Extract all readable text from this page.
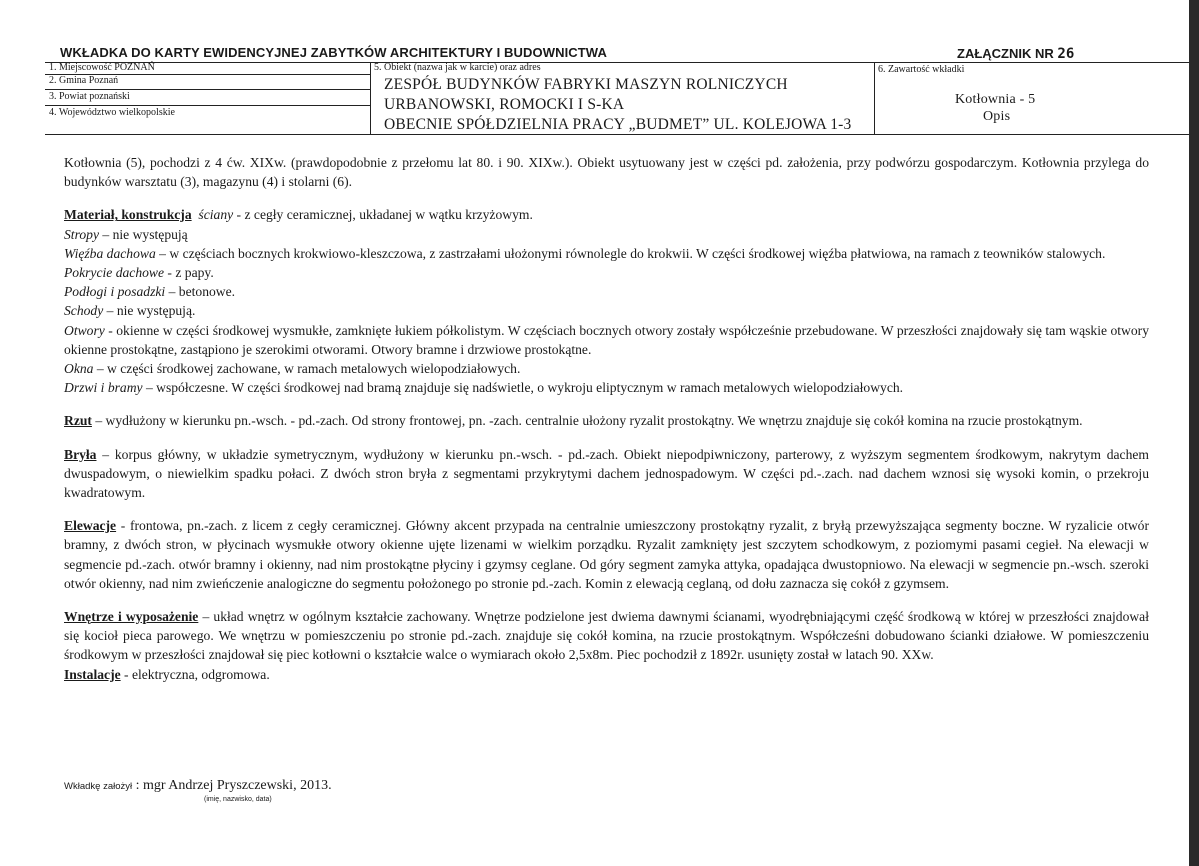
WKŁADKA DO KARTY EWIDENCYJNEJ ZABYTKÓW ARCHITEKTURY I BUDOWNICTWA	ZAŁĄCZNIK NR 26
1. Miejscowość POZNAŃ
2. Gmina Poznań
3. Powiat poznański
4. Województwo wielkopolskie
5. Obiekt (nazwa jak w karcie) oraz adres
ZESPÓŁ BUDYNKÓW FABRYKI MASZYN ROLNICZYCH
URBANOWSKI, ROMOCKI I S-KA
OBECNIE SPÓŁDZIELNIA PRACY „BUDMET” UL. KOLEJOWA 1-3
6. Zawartość wkładki
Kotłownia - 5
Opis

Kotłownia (5), pochodzi z 4 ćw. XIXw. (prawdopodobnie z przełomu lat 80. i 90. XIXw.). Obiekt usytuowany jest w części pd. założenia, przy podwórzu gospodarczym. Kotłownia przylega do budynków warsztatu (3), magazynu (4) i stolarni (6).

Materiał, konstrukcja ściany - z cegły ceramicznej, układanej w wątku krzyżowym.

Stropy – nie występują

Więźba dachowa – w częściach bocznych krokwiowo-kleszczowa, z zastrzałami ułożonymi równolegle do krokwii. W części środkowej więźba płatwiowa, na ramach z teowników stalowych.

Pokrycie dachowe - z papy.

Podłogi i posadzki – betonowe.

Schody – nie występują.

Otwory - okienne w części środkowej wysmukłe, zamknięte łukiem półkolistym. W częściach bocznych otwory zostały współcześnie przebudowane. W przeszłości znajdowały się tam wąskie otwory okienne prostokątne, zastąpiono je szerokimi otworami. Otwory bramne i drzwiowe prostokątne.

Okna – w części środkowej zachowane, w ramach metalowych wielopodziałowych.

Drzwi i bramy – współczesne. W części środkowej nad bramą znajduje się nadświetle, o wykroju eliptycznym w ramach metalowych wielopodziałowych.

Rzut – wydłużony w kierunku pn.-wsch. - pd.-zach. Od strony frontowej, pn. -zach. centralnie ułożony ryzalit prostokątny. We wnętrzu znajduje się cokół komina na rzucie prostokątnym.

Bryła – korpus główny, w układzie symetrycznym, wydłużony w kierunku pn.-wsch. - pd.-zach. Obiekt niepodpiwniczony, parterowy, z wyższym segmentem środkowym, nakrytym dachem dwuspadowym, o niewielkim spadku połaci. Z dwóch stron bryła z segmentami przykrytymi dachem jednospadowym. W części pd.-.zach. nad dachem wznosi się wysoki komin, o przekroju kwadratowym.

Elewacje - frontowa, pn.-zach. z licem z cegły ceramicznej. Główny akcent przypada na centralnie umieszczony prostokątny ryzalit, z bryłą przewyższająca segmenty boczne. W ryzalicie otwór bramny, z dwóch stron, w płycinach wysmukłe otwory okienne ujęte lizenami w wielkim porządku. Ryzalit zamknięty jest szczytem schodkowym, z poziomymi pasami cegieł. Na elewacji w segmencie pd.-zach. otwór bramny i okienny, nad nim prostokątne płyciny i gzymsy ceglane. Od góry segment zamyka attyka, opadająca dwustopniowo. Na elewacji w segmencie pn.-wsch. szeroki otwór okienny, nad nim zwieńczenie analogiczne do segmentu położonego po stronie pd.-zach. Komin z elewacją ceglaną, od dołu zaznacza się cokół z gzymsem.

Wnętrze i wyposażenie – układ wnętrz w ogólnym kształcie zachowany. Wnętrze podzielone jest dwiema dawnymi ścianami, wyodrębniającymi część środkową w której w przeszłości znajdował się kocioł pieca parowego. We wnętrzu w pomieszczeniu po stronie pd.-zach. znajduje się cokół komina, na rzucie prostokątnym. Współcześni dobudowano ścianki działowe. W pomieszczeniu środkowym w przeszłości znajdował się piec kotłowni o kształcie walce o wymiarach około 2,5x8m. Piec pochodził z 1892r. usunięty został w latach 90. XXw.

Instalacje - elektryczna, odgromowa.

Wkładkę założył : mgr Andrzej Pryszczewski, 2013.
(imię, nazwisko, data)
